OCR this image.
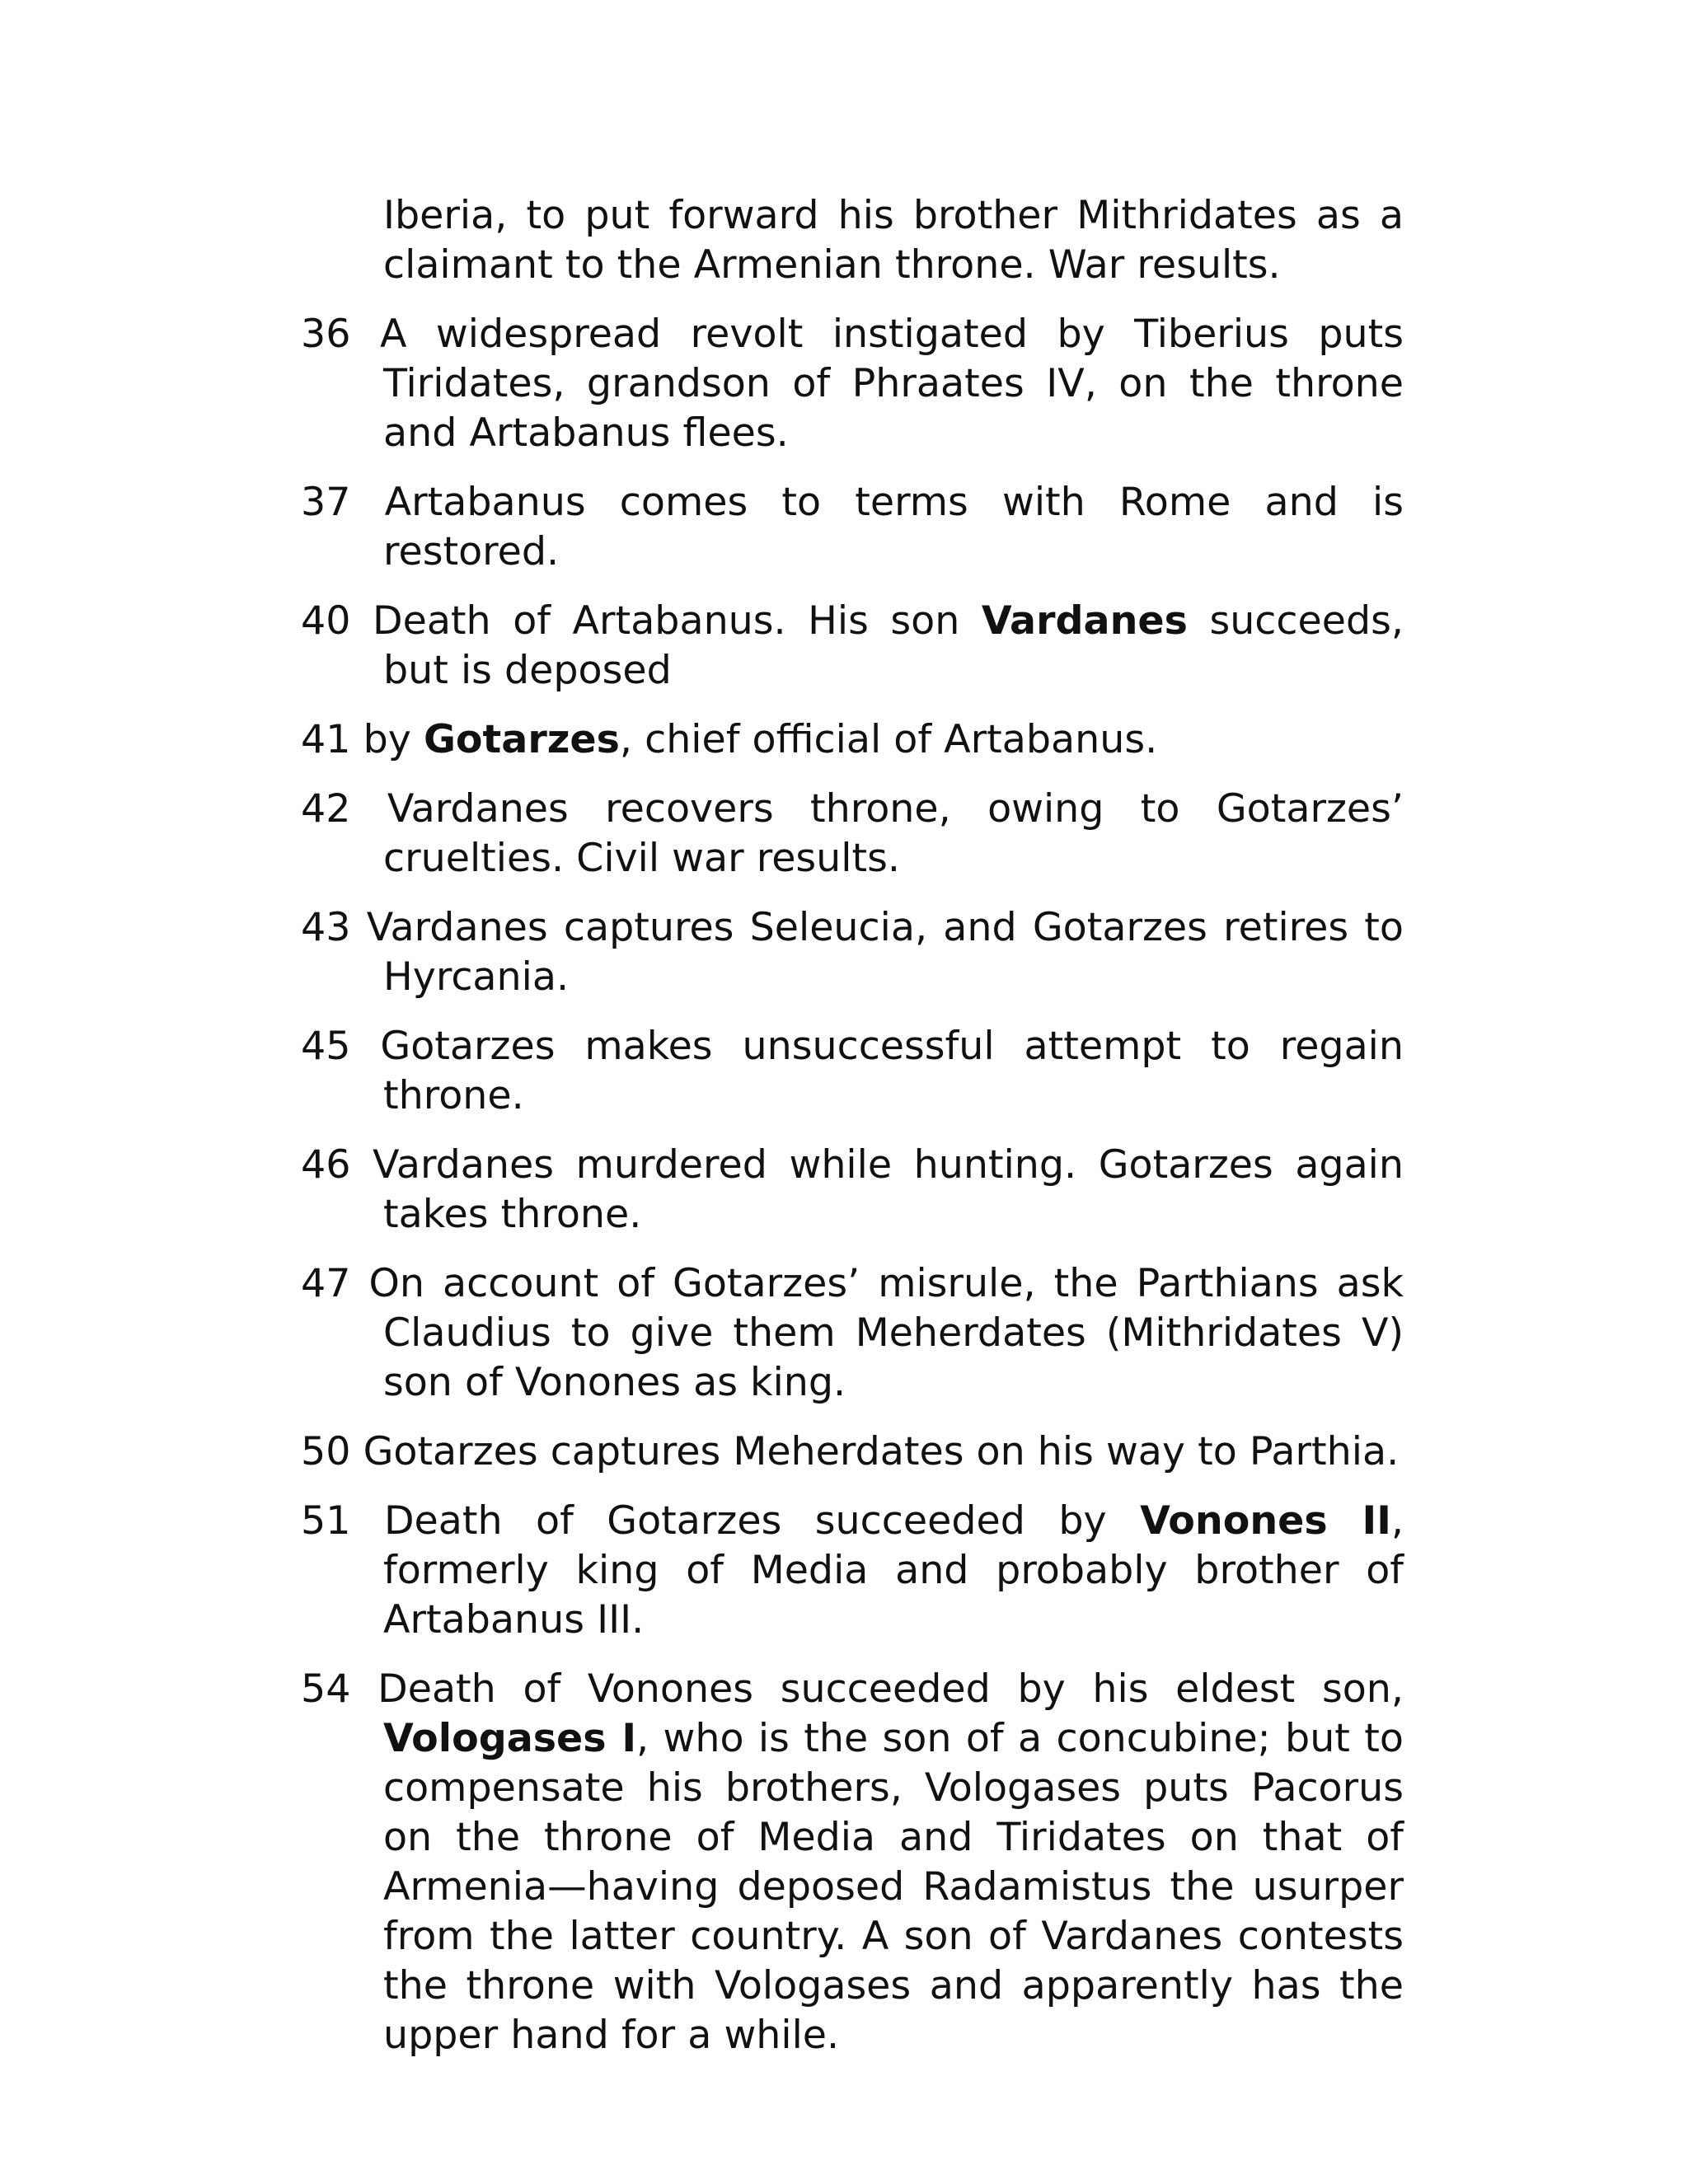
Iberia, to put forward his brother Mithridates as a claimant to the Armenian throne. War results.

36 A widespread revolt instigated by Tiberius puts Tiridates, grandson of Phraates IV, on the throne and Artabanus flees.

37 Artabanus comes to terms with Rome and is restored.

40 Death of Artabanus. His son Vardanes succeeds, but is deposed

41 by Gotarzes, chief official of Artabanus.

42 Vardanes recovers throne, owing to Gotarzes’ cruelties. Civil war results.

43 Vardanes captures Seleucia, and Gotarzes retires to Hyrcania.

45 Gotarzes makes unsuccessful attempt to regain throne.

46 Vardanes murdered while hunting. Gotarzes again takes throne.

47 On account of Gotarzes’ misrule, the Parthians ask Claudius to give them Meherdates (Mithridates V) son of Vonones as king.

50 Gotarzes captures Meherdates on his way to Parthia.

51 Death of Gotarzes succeeded by Vonones II, formerly king of Media and probably brother of Artabanus III.

54 Death of Vonones succeeded by his eldest son, Vologases I, who is the son of a concubine; but to compensate his brothers, Vologases puts Pacorus on the throne of Media and Tiridates on that of Armenia—having deposed Radamistus the usurper from the latter country. A son of Vardanes contests the throne with Vologases and apparently has the upper hand for a while.
